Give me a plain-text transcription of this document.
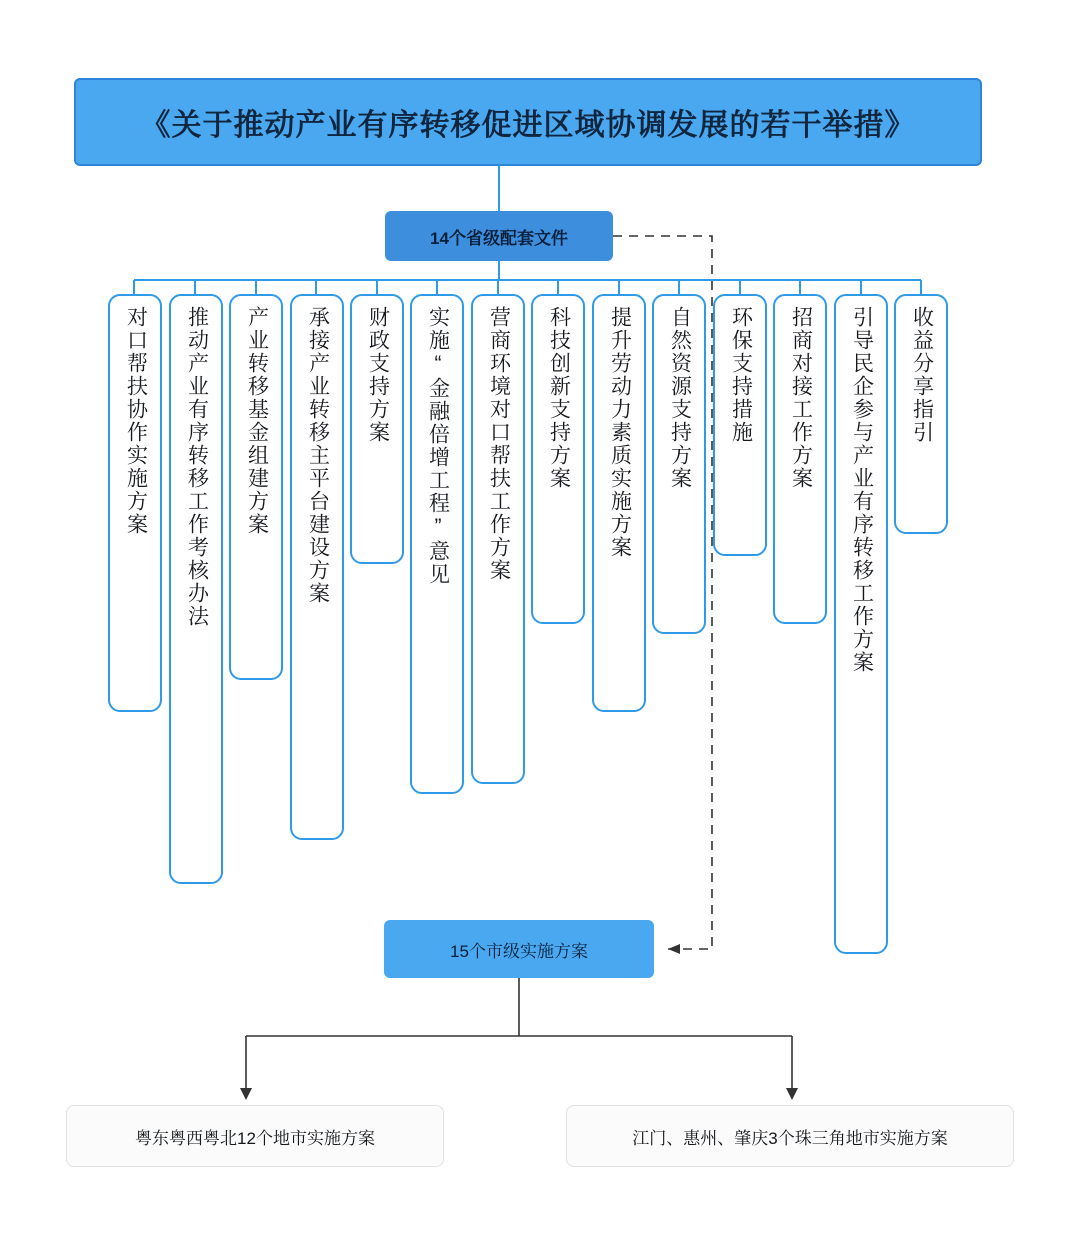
《关于推动产业有序转移促进区域协调发展的若干举措》
14个省级配套文件
对口帮扶协作实施方案 推动产业有序转移工作考核办法 产业转移基金组建方案 承接产业转移主平台建设方案 财政支持方案 实施“金融倍增工程”意见 营商环境对口帮扶工作方案 科技创新支持方案 提升劳动力素质实施方案 自然资源支持方案 环保支持措施 招商对接工作方案 引导民企参与产业有序转移工作方案 收益分享指引
15个市级实施方案
粤东粤西粤北12个地市实施方案	江门、惠州、肇庆3个珠三角地市实施方案
